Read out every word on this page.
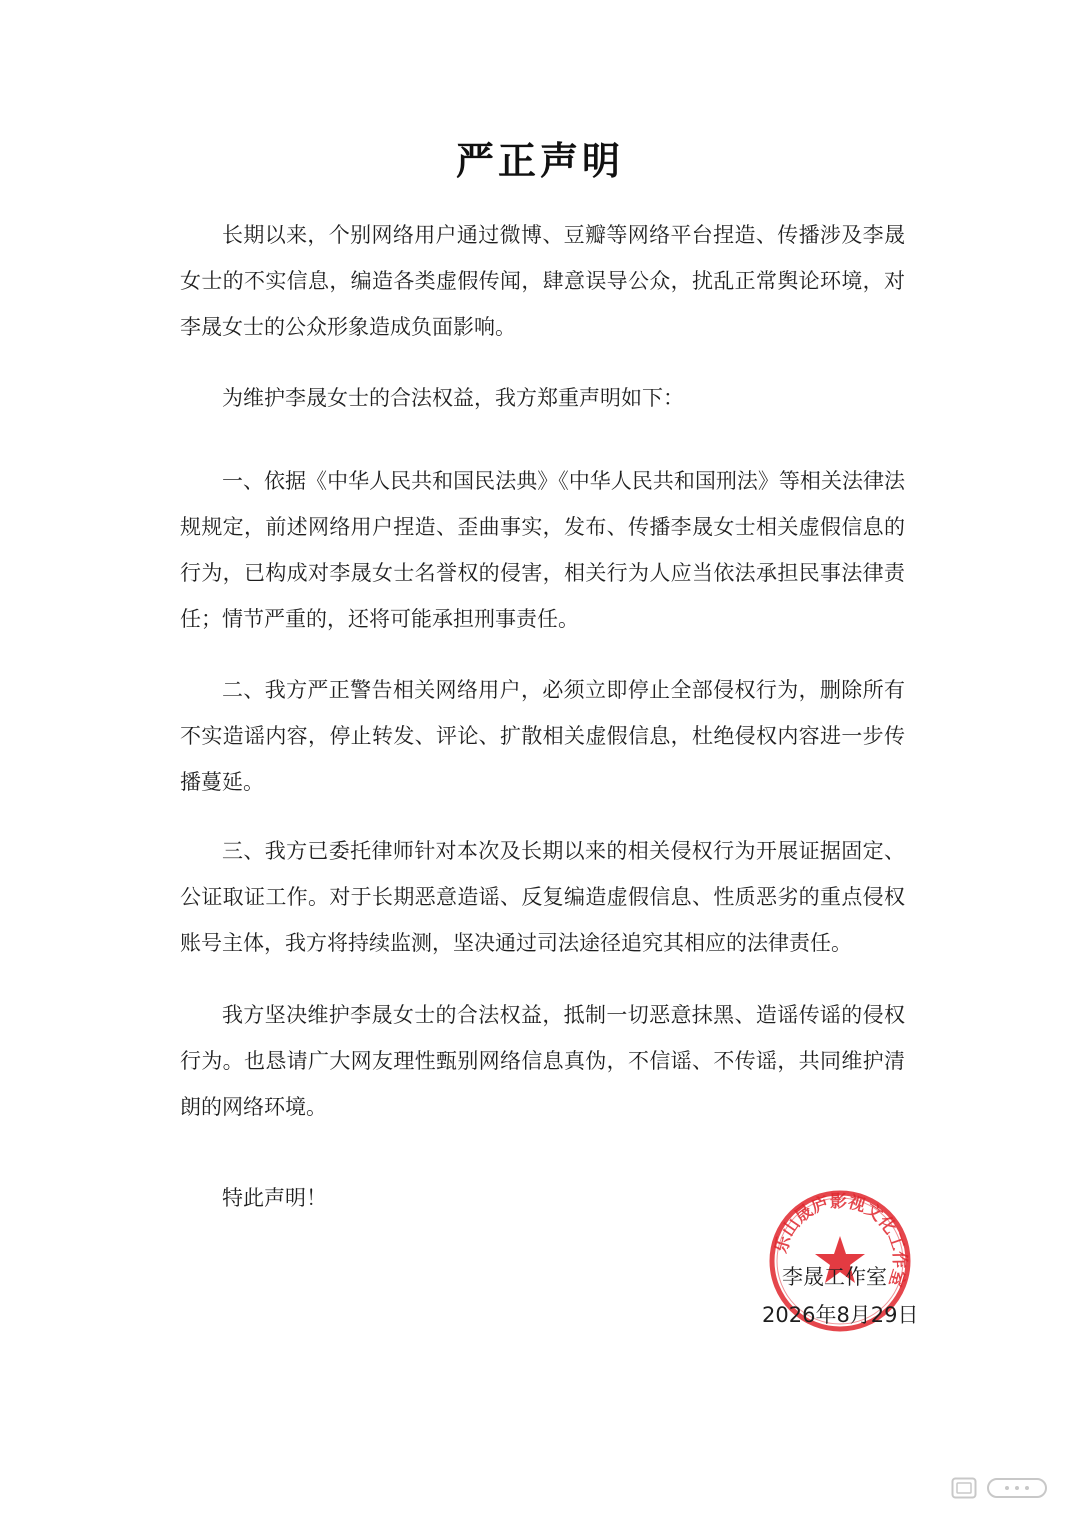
严正声明

长期以来，个别网络用户通过微博、豆瓣等网络平台捏造、传播涉及李晟女士的不实信息，编造各类虚假传闻，肆意误导公众，扰乱正常舆论环境，对李晟女士的公众形象造成负面影响。

为维护李晟女士的合法权益，我方郑重声明如下：

一、依据《中华人民共和国民法典》《中华人民共和国刑法》等相关法律法规规定，前述网络用户捏造、歪曲事实，发布、传播李晟女士相关虚假信息的行为，已构成对李晟女士名誉权的侵害，相关行为人应当依法承担民事法律责任；情节严重的，还将可能承担刑事责任。

二、我方严正警告相关网络用户，必须立即停止全部侵权行为，删除所有不实造谣内容，停止转发、评论、扩散相关虚假信息，杜绝侵权内容进一步传播蔓延。

三、我方已委托律师针对本次及长期以来的相关侵权行为开展证据固定、公证取证工作。对于长期恶意造谣、反复编造虚假信息、性质恶劣的重点侵权账号主体，我方将持续监测，坚决通过司法途径追究其相应的法律责任。

我方坚决维护李晟女士的合法权益，抵制一切恶意抹黑、造谣传谣的侵权行为。也恳请广大网友理性甄别网络信息真伪，不信谣、不传谣，共同维护清朗的网络环境。

特此声明！

乐山晟庐影视文化工作室
李晟工作室
2026年8月29日
